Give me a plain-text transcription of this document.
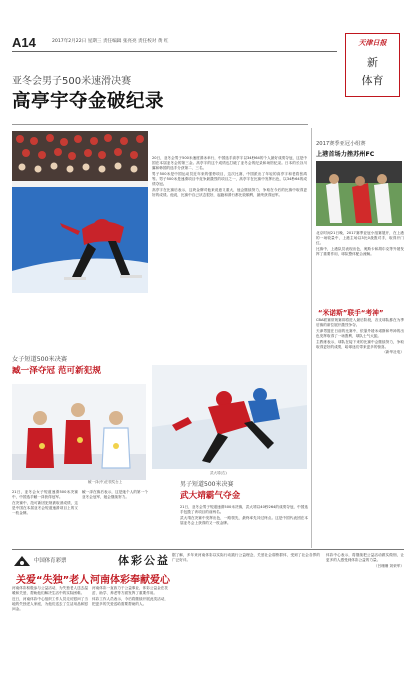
A14	2017年2月22日 星期三 责任编辑 张亮亮 责任校对 黄 红	天津日报
新
体育
亚冬会男子500米速滑决赛
高亭宇夺金破纪录

20日，亚冬会男子500米速度滑冰举行，中国选手高亭宇以34秒64的个人最好成绩夺冠，这是中国在本届亚冬会的第三金。高亭宇的这个成绩也打破了亚冬会的纪录和场馆纪录。日本的长谷川翼和韩国的选手分获第二、三名。

男子500米是中国运动员近年来的强势项目，这次比赛，中国派出了年轻的高亭宇和老将张鸿等。男子500米是速滑项目中竞争最激烈的项目之一，高亭宇在比赛中发挥出色，以34秒64的成绩夺冠。

高亭宇在比赛后表示，这块金牌对他来说意义重大，他会继续努力，争取在今后的比赛中取得更好的成绩。他说，比赛中自己状态很好，起跑和滑行都比较顺利，最终获得冠军。

2017赛季亚冠小组赛
上港首场力挫苏州FC

北京时间21日晚，2017赛季亚冠小组赛展开，在上港的一场较量中，上港主场以3比0战胜对手，取得开门红。

比赛中，上港队员表现出色，奥斯卡和胡尔克等外援发挥了重要作用，球队整体配合流畅。

“米诺斯”联手“考神”

CBA联赛常规赛即将进入最后阶段，各支球队都在为季后赛的席位展开激烈争夺。

天津男篮在日前的比赛中，依靠外援米诺斯和考神的出色发挥取得了一场胜利，球队士气大振。

主教练表示，球队在接下来的比赛中会继续努力，争取取得更好的成绩，给球迷们带来更多的惊喜。

（新华社电）

女子短道500米决赛
臧一泽夺冠 范可新犯规
臧一泽(中)在领奖台上

21日，亚冬会女子短道速滑500米决赛中，中国选手臧一泽获得冠军。

在决赛中，范可新因犯规被取消成绩，这是中国在本届亚冬会短道速滑项目上的又一枚金牌。

臧一泽在赛后表示，这是她个人的第一个亚冬会冠军，她会继续努力。

武大靖(右)
男子短道500米决赛
武大靖霸气夺金

21日，亚冬会男子短道速滑500米决赛，武大靖以40秒264的成绩夺冠，中国选手包揽了该项目的前两名。

武大靖在决赛中发挥出色，一路领先，最终率先冲过终点。这是中国代表团在本届亚冬会上获得的又一枚金牌。

中国体育彩票	体彩公益
关爱“失独”老人 河南体彩奉献爱心

河南体彩积极参与公益活动，为失独老人送去温暖和关爱，帮助他们解决生活中的实际困难。

近日，河南体彩中心组织工作人员走访慰问了当地的失独老人家庭，为他们送去了生活用品和慰问金。

河南体彩一直致力于公益事业，体彩公益金在扶贫、助学、养老等方面发挥了重要作用。

体彩工作人员表示，今后将继续开展此类活动，把更多的关爱送给需要帮助的人。

据了解，多年来河南体彩以实际行动践行公益理念，关爱社会弱势群体，受到了社会各界的广泛好评。

体彩中心表示，将继续把公益活动做实做细，让更多的人感受到体彩公益的力量。

（吕珊珊 刘荣军）
